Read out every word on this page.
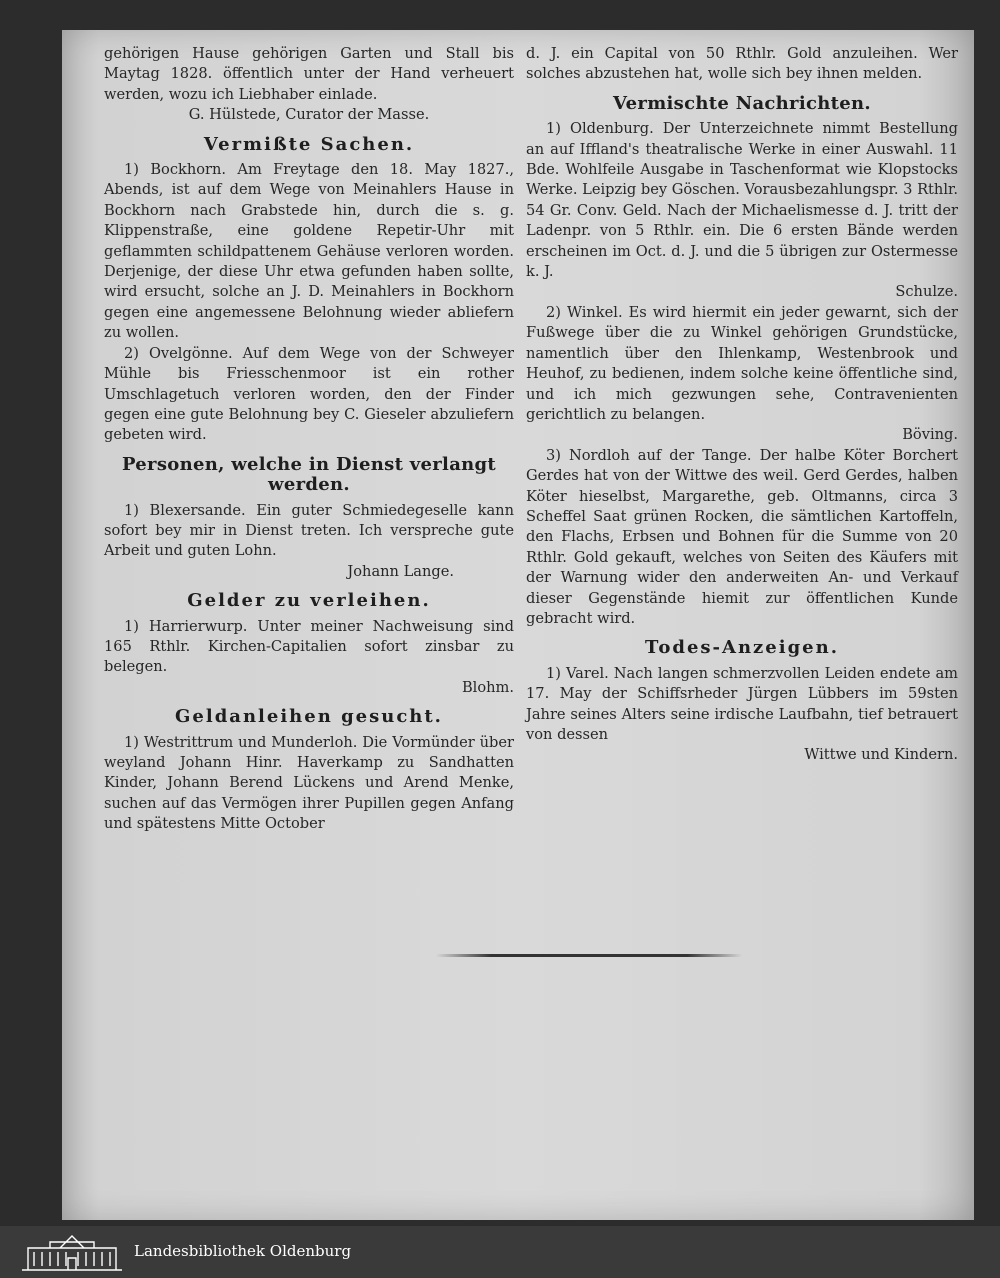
gehörigen Hause gehörigen Garten und Stall bis Maytag 1828. öffentlich unter der Hand verheuert werden, wozu ich Liebhaber einlade.

G. Hülstede, Curator der Masse.

Vermißte Sachen.

1) Bockhorn. Am Freytage den 18. May 1827., Abends, ist auf dem Wege von Meinahlers Hause in Bockhorn nach Grabstede hin, durch die s. g. Klippenstraße, eine goldene Repetir-Uhr mit geflammten schildpattenem Gehäuse verloren worden. Derjenige, der diese Uhr etwa gefunden haben sollte, wird ersucht, solche an J. D. Meinahlers in Bockhorn gegen eine angemessene Belohnung wieder abliefern zu wollen.

2) Ovelgönne. Auf dem Wege von der Schweyer Mühle bis Friesschenmoor ist ein rother Umschlagetuch verloren worden, den der Finder gegen eine gute Belohnung bey C. Gieseler abzuliefern gebeten wird.

Personen, welche in Dienst verlangt werden.

1) Blexersande. Ein guter Schmiedegeselle kann sofort bey mir in Dienst treten. Ich verspreche gute Arbeit und guten Lohn.

Johann Lange.

Gelder zu verleihen.

1) Harrierwurp. Unter meiner Nachweisung sind 165 Rthlr. Kirchen-Capitalien sofort zinsbar zu belegen.

Blohm.

Geldanleihen gesucht.

1) Westrittrum und Munderloh. Die Vormünder über weyland Johann Hinr. Haverkamp zu Sandhatten Kinder, Johann Berend Lückens und Arend Menke, suchen auf das Vermögen ihrer Pupillen gegen Anfang und spätestens Mitte October

d. J. ein Capital von 50 Rthlr. Gold anzuleihen. Wer solches abzustehen hat, wolle sich bey ihnen melden.

Vermischte Nachrichten.

1) Oldenburg. Der Unterzeichnete nimmt Bestellung an auf Iffland's theatralische Werke in einer Auswahl. 11 Bde. Wohlfeile Ausgabe in Taschenformat wie Klopstocks Werke. Leipzig bey Göschen. Vorausbezahlungspr. 3 Rthlr. 54 Gr. Conv. Geld. Nach der Michaelismesse d. J. tritt der Ladenpr. von 5 Rthlr. ein. Die 6 ersten Bände werden erscheinen im Oct. d. J. und die 5 übrigen zur Ostermesse k. J.

Schulze.

2) Winkel. Es wird hiermit ein jeder gewarnt, sich der Fußwege über die zu Winkel gehörigen Grundstücke, namentlich über den Ihlenkamp, Westenbrook und Heuhof, zu bedienen, indem solche keine öffentliche sind, und ich mich gezwungen sehe, Contravenienten gerichtlich zu belangen.

Böving.

3) Nordloh auf der Tange. Der halbe Köter Borchert Gerdes hat von der Wittwe des weil. Gerd Gerdes, halben Köter hieselbst, Margarethe, geb. Oltmanns, circa 3 Scheffel Saat grünen Rocken, die sämtlichen Kartoffeln, den Flachs, Erbsen und Bohnen für die Summe von 20 Rthlr. Gold gekauft, welches von Seiten des Käufers mit der Warnung wider den anderweiten An- und Verkauf dieser Gegenstände hiemit zur öffentlichen Kunde gebracht wird.

Todes-Anzeigen.

1) Varel. Nach langen schmerzvollen Leiden endete am 17. May der Schiffsrheder Jürgen Lübbers im 59sten Jahre seines Alters seine irdische Laufbahn, tief betrauert von dessen

Wittwe und Kindern.

Landesbibliothek Oldenburg
